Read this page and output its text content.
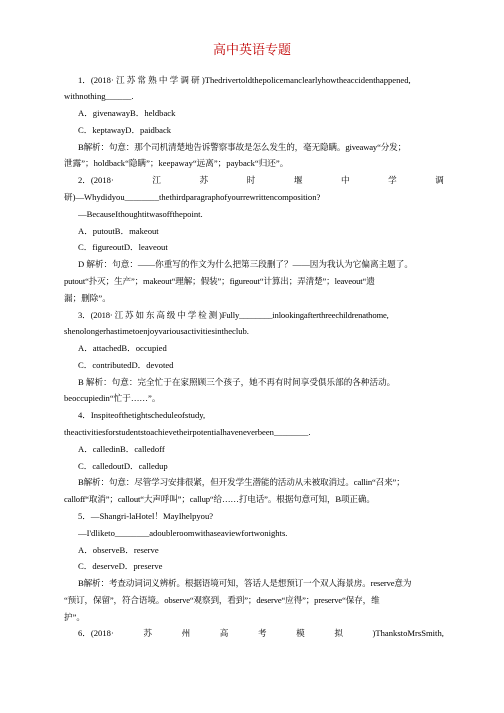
高中英语专题
1．(2018· 江 苏 常 熟 中 学 调 研 )Thedrivertoldthepolicemanclearlyhowtheaccidenthappened,
withnothing______.
A．givenawayB．heldback
C．keptawayD．paidback
B解析：句意：那个司机清楚地告诉警察事故是怎么发生的，毫无隐瞒。giveaway“分发；
泄露”；holdback“隐瞒”；keepaway“远离”；payback“归还”。
2．(2018·	江	苏	时	堰	中	学	调
研)—Whydidyou________thethirdparagraphofyourrewrittencomposition?
—BecauseIthoughtitwasoffthepoint.
A．putoutB．makeout
C．figureoutD．leaveout
D 解析：句意：——你重写的作文为什么把第三段删了？——因为我认为它偏离主题了。
putout“扑灭；生产”；makeout“理解；假装”；figureout“计算出；弄清楚”；leaveout“遗
漏；删除”。
3．(2018· 江 苏 如 东 高 级 中 学 检 测 )Fully________inlookingafterthreechildrenathome,
shenolongerhastimetoenjoyvariousactivitiesintheclub.
A．attachedB．occupied
C．contributedD．devoted
B 解析：句意：完全忙于在家照顾三个孩子，她不再有时间享受俱乐部的各种活动。
beoccupiedin“忙于……”。
4．Inspiteofthetightscheduleofstudy,
theactivitiesforstudentstoachievetheirpotentialhaveneverbeen________.
A．calledinB．calledoff
C．calledoutD．calledup
B解析：句意：尽管学习安排很紧，但开发学生潜能的活动从未被取消过。callin“召来”；
calloff“取消”；callout“大声呼叫”；callup“给……打电话”。根据句意可知，B项正确。
5．—Shangri-laHotel！MayIhelpyou?
—I'dliketo________adoubleroomwithaseaviewfortwonights.
A．observeB．reserve
C．deserveD．preserve
B解析：考查动词词义辨析。根据语境可知，答话人是想预订一个双人海景房。reserve意为
“预订，保留”，符合语境。observe“观察到，看到”；deserve“应得”；preserve“保存，维
护”。
6．(2018·	苏	州	高	考	模	拟	)ThankstoMrsSmith,
